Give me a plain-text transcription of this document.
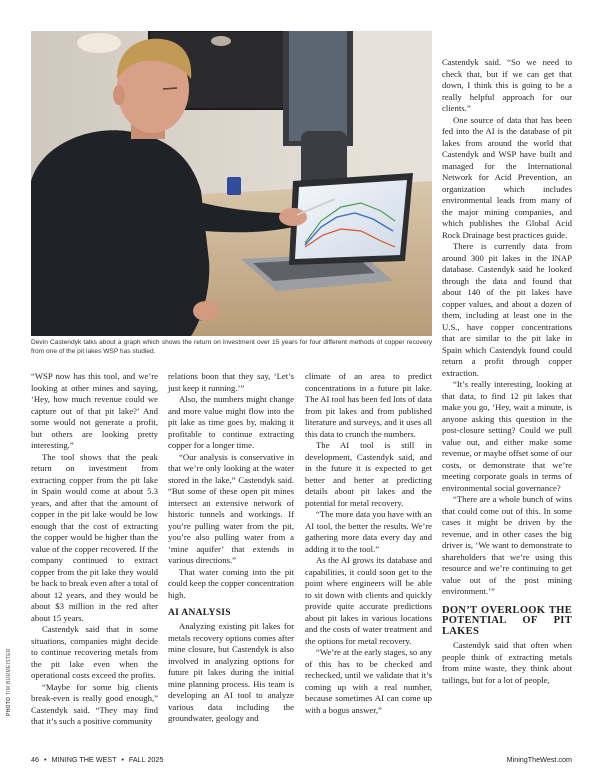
PHOTO TIM BURMEISTER
Devin Castendyk talks about a graph which shows the return on investment over 15 years for four different methods of copper recovery from one of the pit lakes WSP has studied.

“WSP now has this tool, and we’re looking at other mines and saying, ‘Hey, how much revenue could we capture out of that pit lake?’ And some would not generate a profit, but others are looking pretty interesting.”

The tool shows that the peak return on investment from extracting copper from the pit lake in Spain would come at about 5.3 years, and after that the amount of copper in the pit lake would be low enough that the cost of extracting the copper would be higher than the value of the copper recovered. If the company continued to extract copper from the pit lake they would be back to break even after a total of about 12 years, and they would be about $3 million in the red after about 15 years.

Castendyk said that in some situations, companies might decide to continue recovering metals from the pit lake even when the operational costs exceed the profits.

“Maybe for some big clients break-even is really good enough,” Castendyk said. “They may find that it’s such a positive community

relations boon that they say, ‘Let’s just keep it running.’”

Also, the numbers might change and more value might flow into the pit lake as time goes by, making it profitable to continue extracting copper for a longer time.

“Our analysis is conservative in that we’re only looking at the water stored in the lake,” Castendyk said. “But some of these open pit mines intersect an extensive network of historic tunnels and workings. If you’re pulling water from the pit, you’re also pulling water from a ‘mine aquifer’ that extends in various directions.”

That water coming into the pit could keep the copper concentration high.

AI ANALYSIS

Analyzing existing pit lakes for metals recovery options comes after mine closure, but Castendyk is also involved in analyzing options for future pit lakes during the initial mine planning process. His team is developing an AI tool to analyze various data including the groundwater, geology and

climate of an area to predict concentrations in a future pit lake. The AI tool has been fed lots of data from pit lakes and from published literature and surveys, and it uses all this data to crunch the numbers.

The AI tool is still in development, Castendyk said, and in the future it is expected to get better and better at predicting details about pit lakes and the potential for metal recovery.

“The more data you have with an AI tool, the better the results. We’re gathering more data every day and adding it to the tool.”

As the AI grows its database and capabilities, it could soon get to the point where engineers will be able to sit down with clients and quickly provide quite accurate predictions about pit lakes in various locations and the costs of water treatment and the options for metal recovery.

“We’re at the early stages, so any of this has to be checked and rechecked, until we validate that it’s coming up with a real number, because sometimes AI can come up with a bogus answer,”

Castendyk said. “So we need to check that, but if we can get that down, I think this is going to be a really helpful approach for our clients.”

One source of data that has been fed into the AI is the database of pit lakes from around the world that Castendyk and WSP have built and managed for the International Network for Acid Prevention, an organization which includes environmental leads from many of the major mining companies, and which publishes the Global Acid Rock Drainage best practices guide.

There is currently data from around 300 pit lakes in the INAP database. Castendyk said he looked through the data and found that about 140 of the pit lakes have copper values, and about a dozen of them, including at least one in the U.S., have copper concentrations that are similar to the pit lake in Spain which Castendyk found could return a profit through copper extraction.

“It’s really interesting, looking at that data, to find 12 pit lakes that make you go, ‘Hey, wait a minute, is anyone asking this question in the post-closure setting? Could we pull value out, and either make some revenue, or maybe offset some of our costs, or demonstrate that we’re meeting corporate goals in terms of environmental social governance?

“There are a whole bunch of wins that could come out of this. In some cases it might be driven by the revenue, and in other cases the big driver is, ‘We want to demonstrate to shareholders that we’re using this resource and we’re continuing to get value out of the post mining environment.’”

DON’T OVERLOOK THE POTENTIAL OF PIT LAKES

Castendyk said that often when people think of extracting metals from mine waste, they think about tailings, but for a lot of people,

46 • MINING THE WEST • FALL 2025	MiningTheWest.com
